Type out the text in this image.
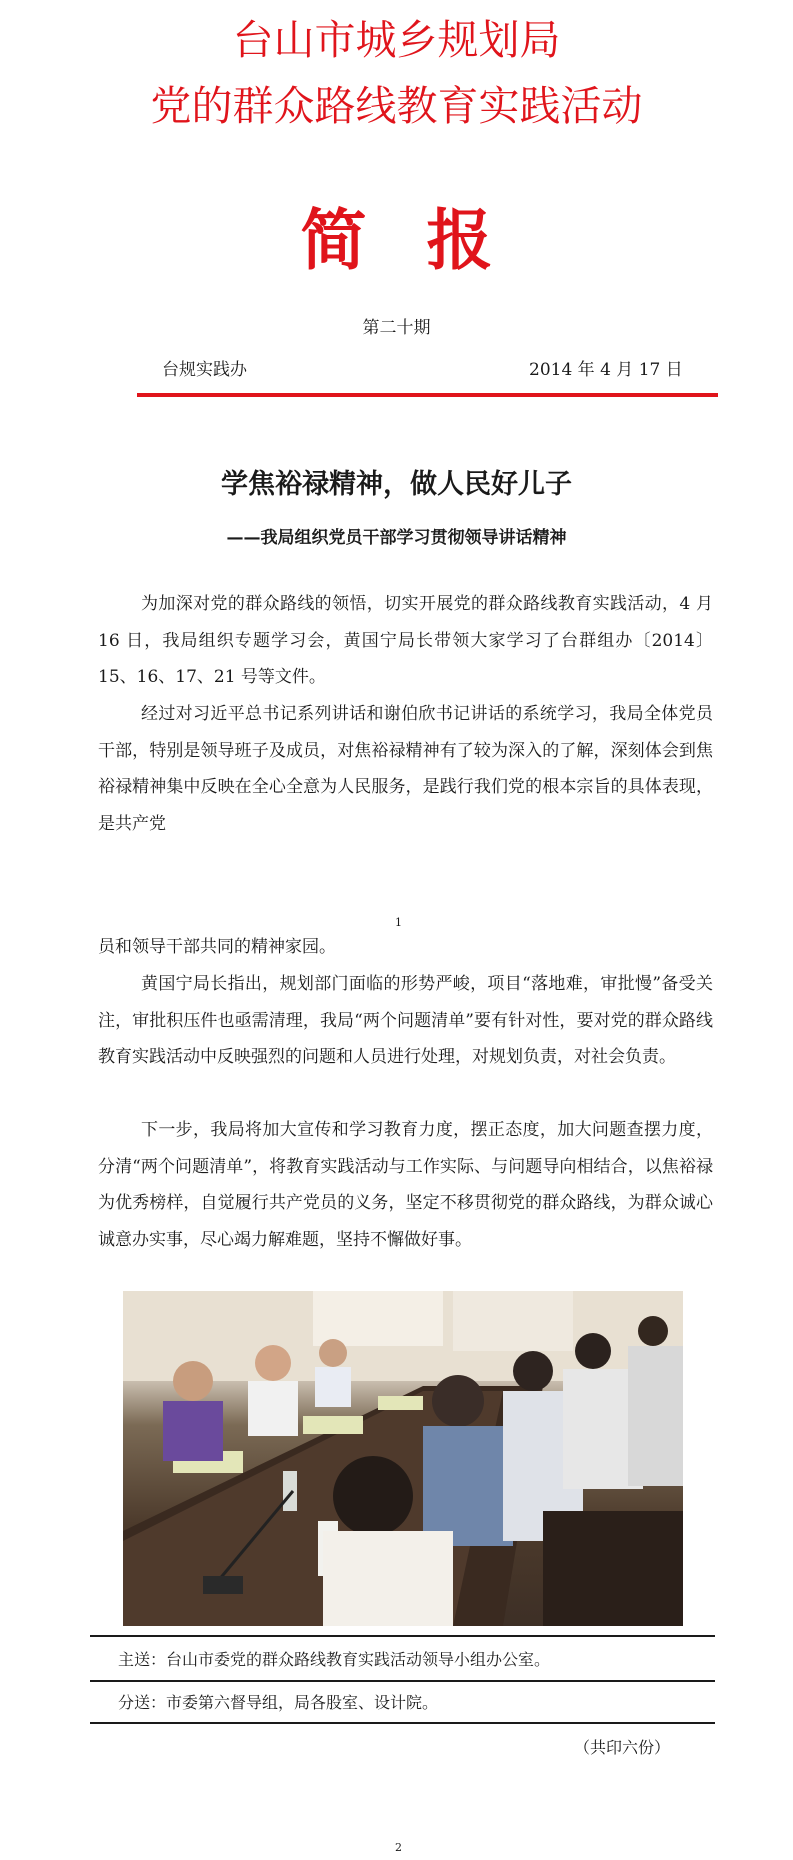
台山市城乡规划局
党的群众路线教育实践活动
简报
第二十期
台规实践办	2014 年 4 月 17 日
学焦裕禄精神，做人民好儿子
——我局组织党员干部学习贯彻领导讲话精神

为加深对党的群众路线的领悟，切实开展党的群众路线教育实践活动，4 月 16 日，我局组织专题学习会，黄国宁局长带领大家学习了台群组办〔2014〕15、16、17、21 号等文件。

经过对习近平总书记系列讲话和谢伯欣书记讲话的系统学习，我局全体党员干部，特别是领导班子及成员，对焦裕禄精神有了较为深入的了解，深刻体会到焦裕禄精神集中反映在全心全意为人民服务，是践行我们党的根本宗旨的具体表现，是共产党

1

员和领导干部共同的精神家园。

黄国宁局长指出，规划部门面临的形势严峻，项目“落地难，审批慢”备受关注，审批积压件也亟需清理，我局“两个问题清单”要有针对性，要对党的群众路线教育实践活动中反映强烈的问题和人员进行处理，对规划负责，对社会负责。

下一步，我局将加大宣传和学习教育力度，摆正态度，加大问题查摆力度，分清“两个问题清单”，将教育实践活动与工作实际、与问题导向相结合，以焦裕禄为优秀榜样，自觉履行共产党员的义务，坚定不移贯彻党的群众路线，为群众诚心诚意办实事，尽心竭力解难题，坚持不懈做好事。

主送：台山市委党的群众路线教育实践活动领导小组办公室。
分送：市委第六督导组，局各股室、设计院。
（共印六份）
2
